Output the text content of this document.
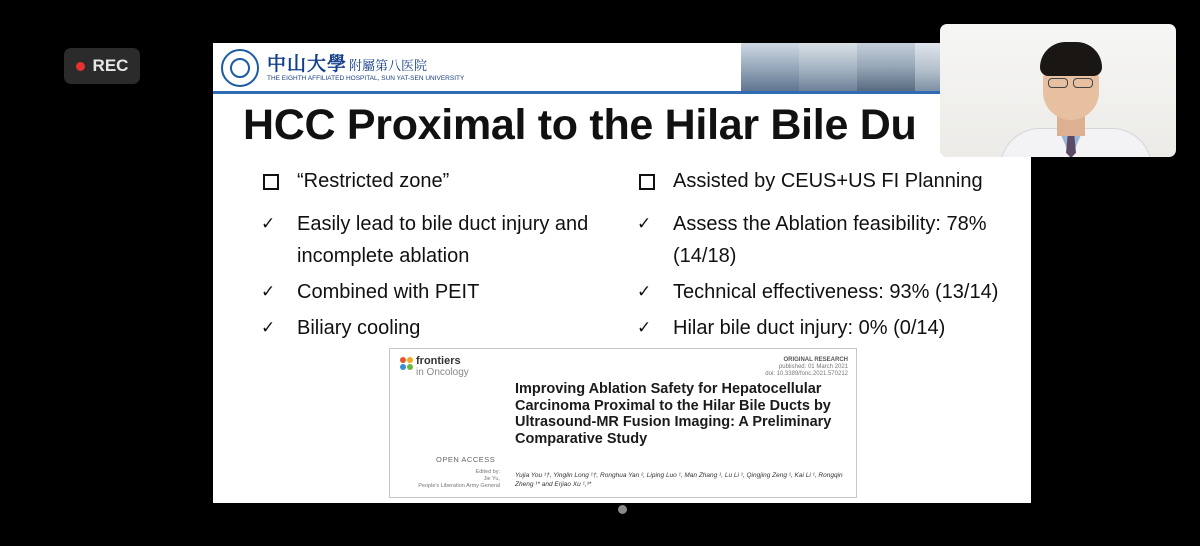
REC	中山大學 附屬第八医院
THE EIGHTH AFFILIATED HOSPITAL, SUN YAT-SEN UNIVERSITY
HCC Proximal to the Hilar Bile Du
“Restricted zone”
✓	Easily lead to bile duct injury and incomplete ablation
✓	Combined with PEIT
✓	Biliary cooling
Assisted by CEUS+US FI Planning
✓	Assess the Ablation feasibility: 78% (14/18)
✓	Technical effectiveness: 93% (13/14)
✓	Hilar bile duct injury: 0% (0/14)
frontiers
in Oncology
ORIGINAL RESEARCH
published: 01 March 2021
doi: 10.3389/fonc.2021.570212
Improving Ablation Safety for Hepatocellular Carcinoma Proximal to the Hilar Bile Ducts by Ultrasound-MR Fusion Imaging: A Preliminary Comparative Study
OPEN ACCESS
Edited by:
Jie Yu,
People's Liberation Army General
Yujia You ¹†, Yinglin Long ¹†, Ronghua Yan ², Liping Luo ¹, Man Zhang ¹, Lu Li ¹, Qingjing Zeng ¹, Kai Li ¹, Rongqin Zheng ¹* and Erjiao Xu ¹,³*
